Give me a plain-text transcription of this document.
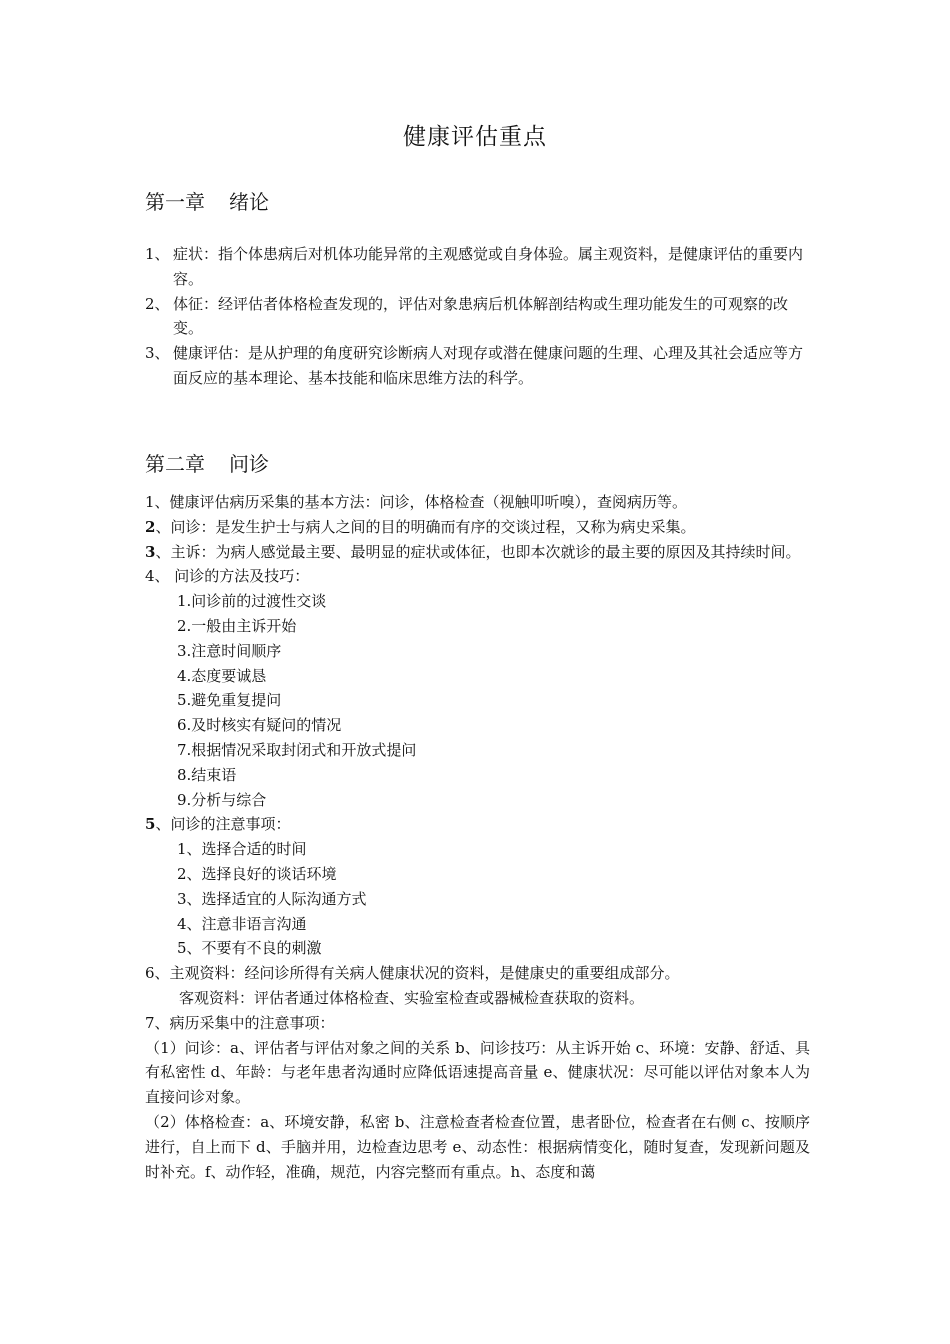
健康评估重点
第一章 绪论
1、 症状：指个体患病后对机体功能异常的主观感觉或自身体验。属主观资料，是健康评估的重要内容。
2、 体征：经评估者体格检查发现的，评估对象患病后机体解剖结构或生理功能发生的可观察的改变。
3、 健康评估：是从护理的角度研究诊断病人对现存或潜在健康问题的生理、心理及其社会适应等方面反应的基本理论、基本技能和临床思维方法的科学。
第二章 问诊
1、健康评估病历采集的基本方法：问诊，体格检查（视触叩听嗅），查阅病历等。
2、问诊：是发生护士与病人之间的目的明确而有序的交谈过程，又称为病史采集。
3、主诉：为病人感觉最主要、最明显的症状或体征，也即本次就诊的最主要的原因及其持续时间。
4、 问诊的方法及技巧：
1.问诊前的过渡性交谈
2.一般由主诉开始
3.注意时间顺序
4.态度要诚恳
5.避免重复提问
6.及时核实有疑问的情况
7.根据情况采取封闭式和开放式提问
8.结束语
9.分析与综合
5、问诊的注意事项：
1、选择合适的时间
2、选择良好的谈话环境
3、选择适宜的人际沟通方式
4、注意非语言沟通
5、不要有不良的刺激
6、主观资料：经问诊所得有关病人健康状况的资料，是健康史的重要组成部分。
客观资料：评估者通过体格检查、实验室检查或器械检查获取的资料。
7、病历采集中的注意事项：
（1）问诊：a、评估者与评估对象之间的关系 b、问诊技巧：从主诉开始 c、环境：安静、舒适、具有私密性 d、年龄：与老年患者沟通时应降低语速提高音量 e、健康状况：尽可能以评估对象本人为直接问诊对象。
（2）体格检查：a、环境安静，私密 b、注意检查者检查位置，患者卧位，检查者在右侧 c、按顺序进行，自上而下 d、手脑并用，边检查边思考 e、动态性：根据病情变化，随时复查，发现新问题及时补充。f、动作轻，准确，规范，内容完整而有重点。h、态度和蔼
